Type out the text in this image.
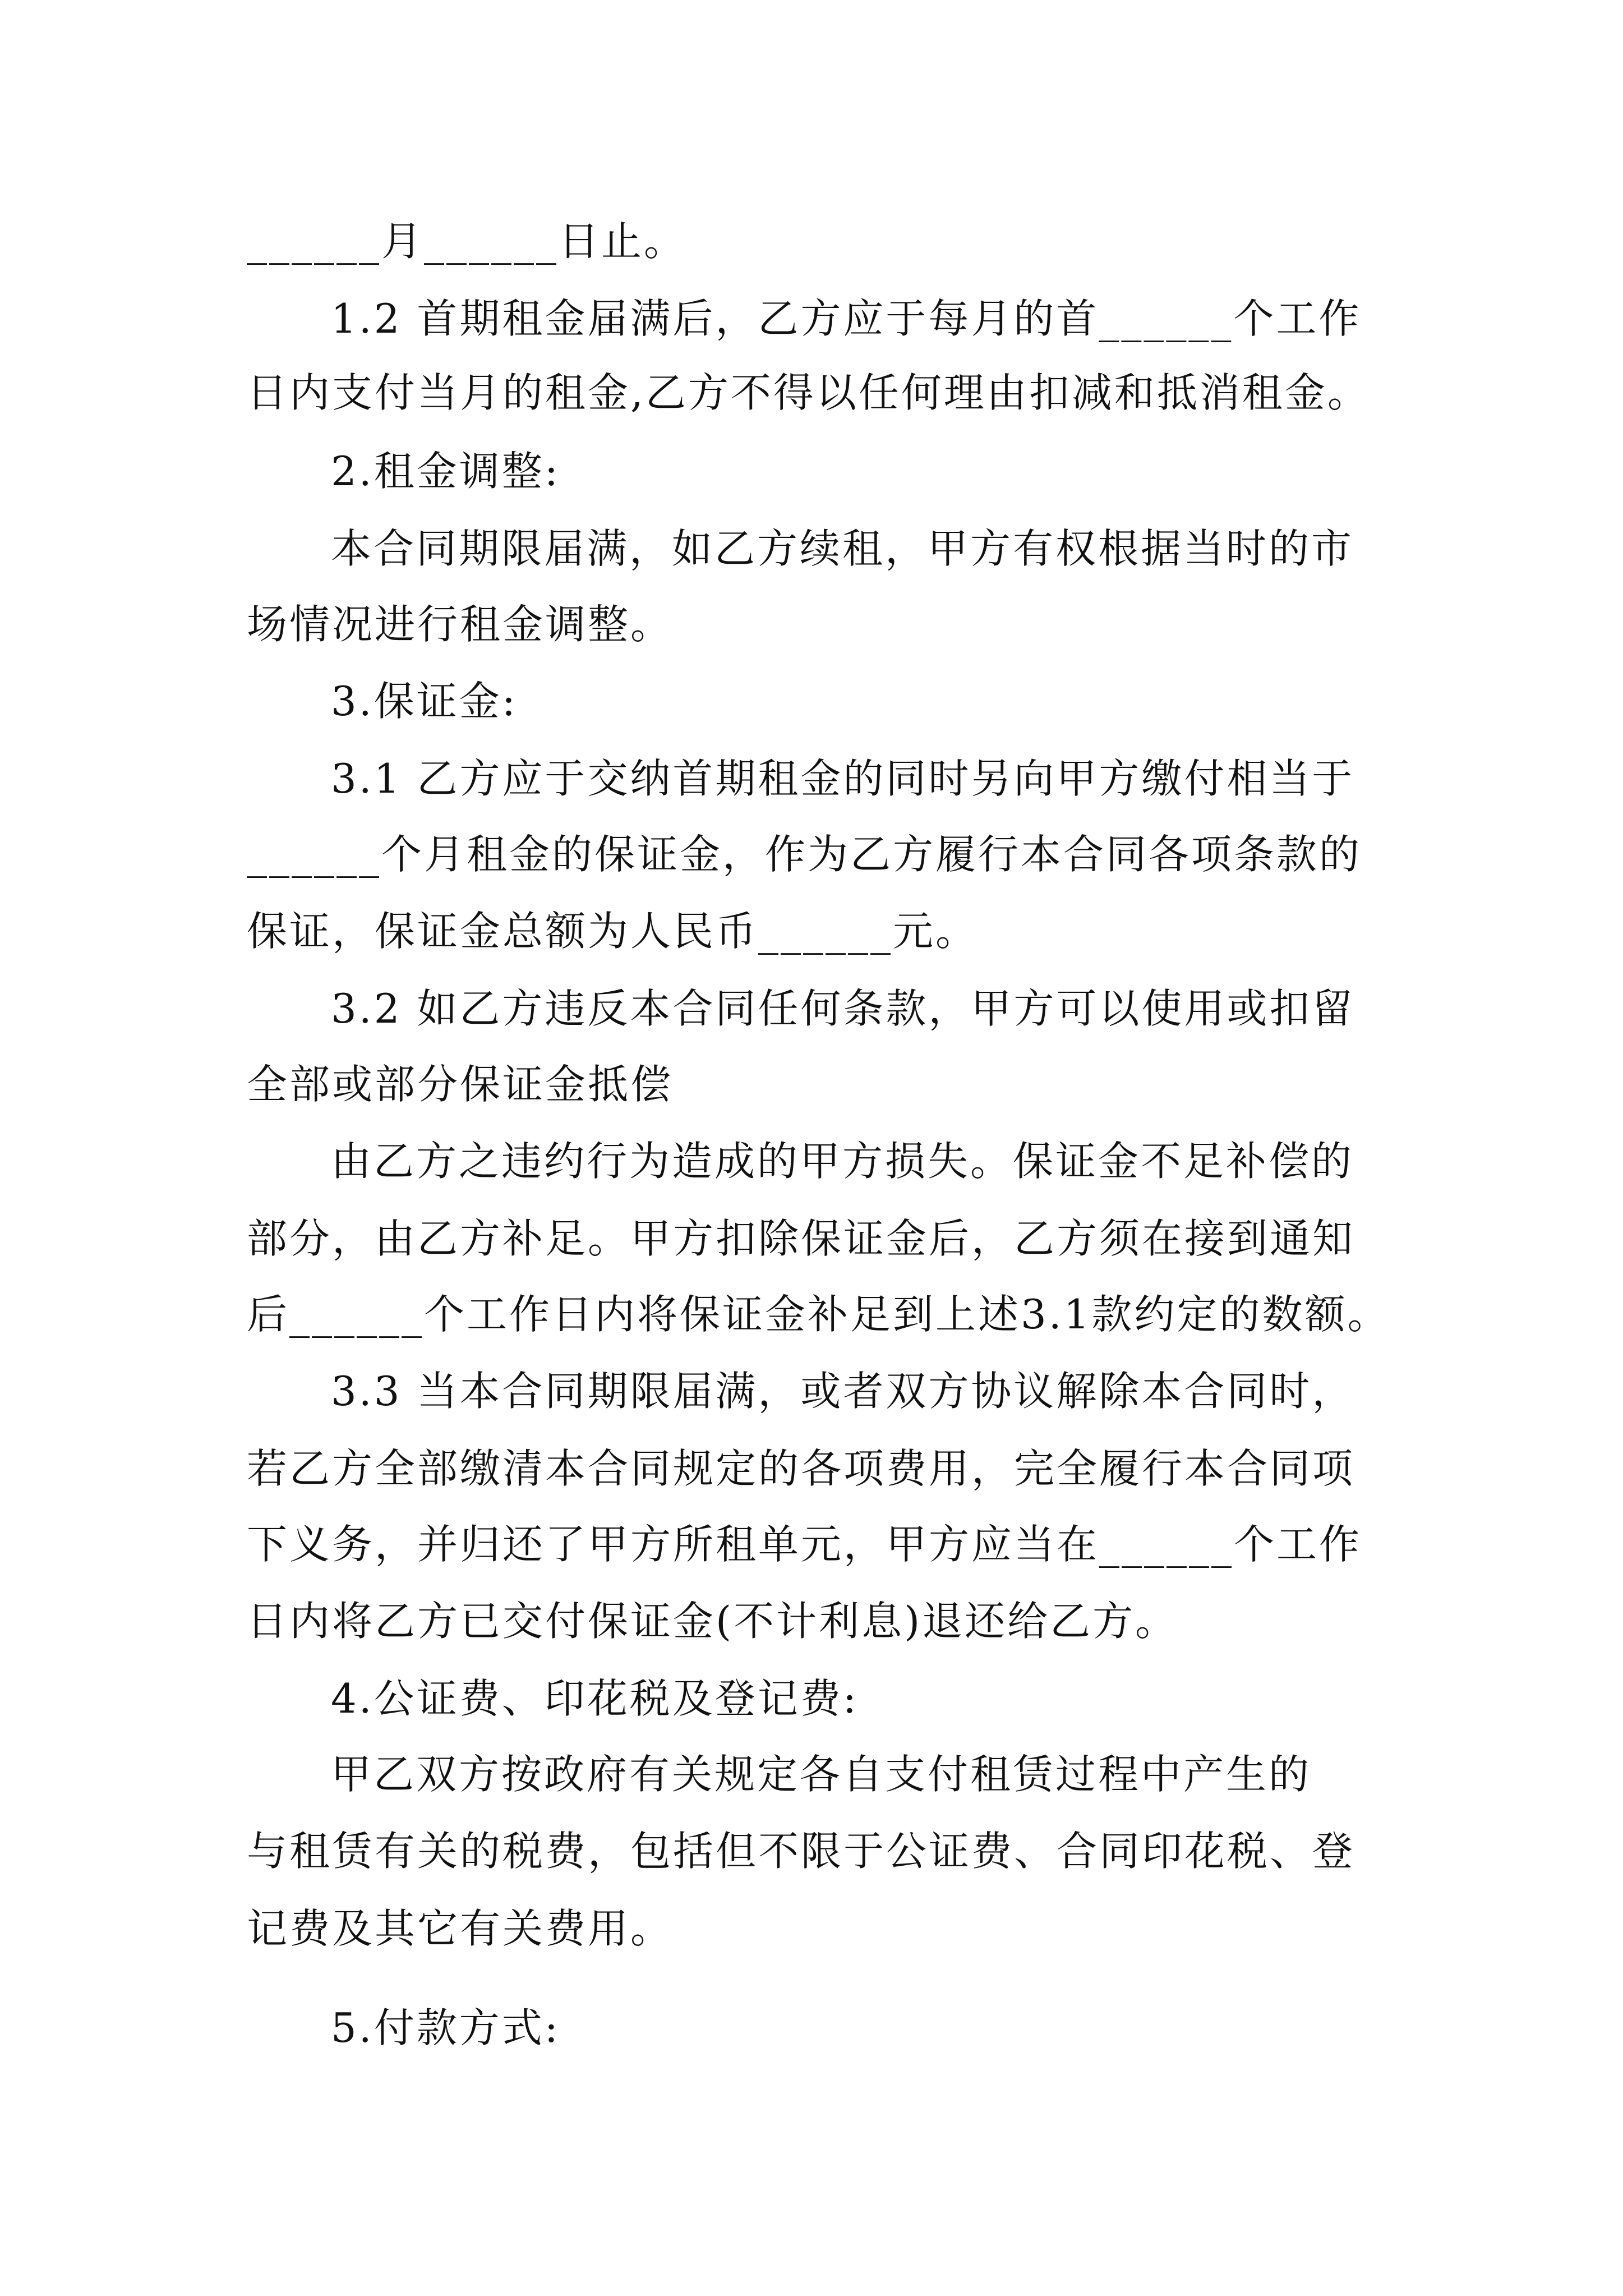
______月______日止。
1.2 首期租金届满后，乙方应于每月的首______个工作
日内支付当月的租金,乙方不得以任何理由扣减和抵消租金。
2.租金调整:
本合同期限届满，如乙方续租，甲方有权根据当时的市
场情况进行租金调整。
3.保证金:
3.1 乙方应于交纳首期租金的同时另向甲方缴付相当于
______个月租金的保证金，作为乙方履行本合同各项条款的
保证，保证金总额为人民币______元。
3.2 如乙方违反本合同任何条款，甲方可以使用或扣留
全部或部分保证金抵偿
由乙方之违约行为造成的甲方损失。保证金不足补偿的
部分，由乙方补足。甲方扣除保证金后，乙方须在接到通知
后______个工作日内将保证金补足到上述3.1款约定的数额。
3.3 当本合同期限届满，或者双方协议解除本合同时，
若乙方全部缴清本合同规定的各项费用，完全履行本合同项
下义务，并归还了甲方所租单元，甲方应当在______个工作
日内将乙方已交付保证金(不计利息)退还给乙方。
4.公证费、印花税及登记费:
甲乙双方按政府有关规定各自支付租赁过程中产生的
与租赁有关的税费，包括但不限于公证费、合同印花税、登
记费及其它有关费用。
5.付款方式:
